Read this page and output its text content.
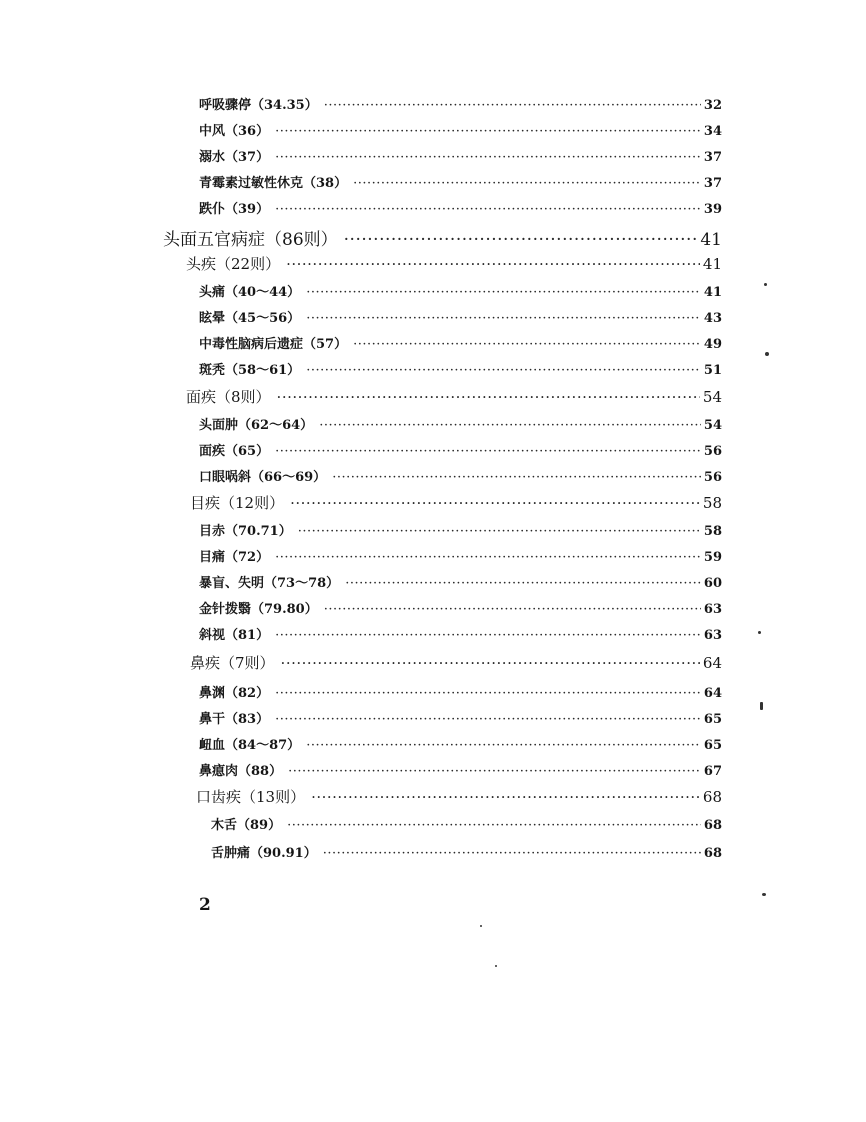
呼吸骤停（34.35） ·····	32
中风（36） ·····	34
溺水（37） ·····	37
青霉素过敏性休克（38） ·····	37
跌仆（39） ·····	39
头面五官病症（86则） ·····	41
头疾（22则） ·····	41
头痛（40～44） ·····	41
眩晕（45～56） ·····	43
中毒性脑病后遗症（57） ·····	49
斑秃（58～61） ·····	51
面疾（8则） ·····	54
头面肿（62～64） ·····	54
面疾（65） ·····	56
口眼㖞斜（66～69） ·····	56
目疾（12则） ·····	58
目赤（70.71） ·····	58
目痛（72） ·····	59
暴盲、失明（73～78） ·····	60
金针拨翳（79.80） ·····	63
斜视（81） ·····	63
鼻疾（7则） ·····	64
鼻渊（82） ·····	64
鼻干（83） ·····	65
衄血（84～87） ·····	65
鼻瘜肉（88） ·····	67
口齿疾（13则） ·····	68
木舌（89） ·····	68
舌肿痛（90.91） ·····	68
2
